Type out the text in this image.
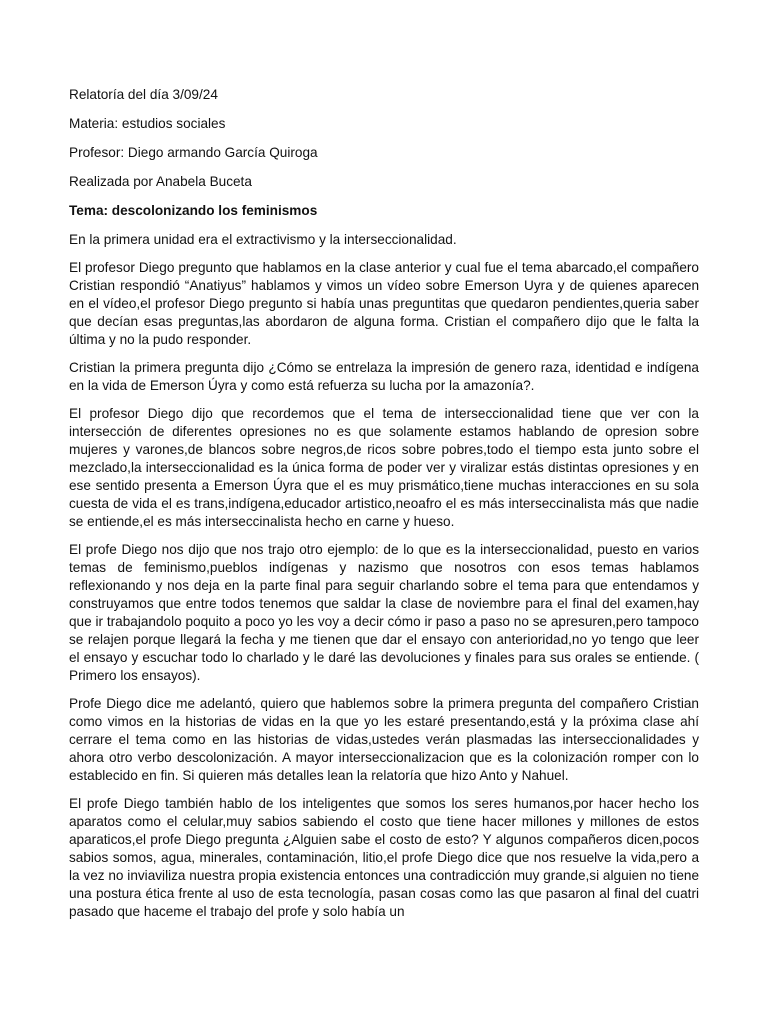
Relatoría del día 3/09/24
Materia: estudios sociales
Profesor: Diego armando García Quiroga
Realizada por Anabela Buceta
Tema: descolonizando los feminismos

En la primera unidad era el extractivismo y la interseccionalidad.

El profesor Diego pregunto que hablamos en la clase anterior y cual fue el tema abarcado,el compañero Cristian respondió “Anatiyus” hablamos y vimos un vídeo sobre Emerson Uyra y de quienes aparecen en el vídeo,el profesor Diego pregunto si había unas preguntitas que quedaron pendientes,queria saber que decían esas preguntas,las abordaron de alguna forma. Cristian el compañero dijo que le falta la última y no la pudo responder.

Cristian la primera pregunta dijo ¿Cómo se entrelaza la impresión de genero raza, identidad e indígena en la vida de Emerson Úyra y como está refuerza su lucha por la amazonía?.

El profesor Diego dijo que recordemos que el tema de interseccionalidad tiene que ver con la intersección de diferentes opresiones no es que solamente estamos hablando de opresion sobre mujeres y varones,de blancos sobre negros,de ricos sobre pobres,todo el tiempo esta junto sobre el mezclado,la interseccionalidad es la única forma de poder ver y viralizar estás distintas opresiones y en ese sentido presenta a Emerson Úyra que el es muy prismático,tiene muchas interacciones en su sola cuesta de vida el es trans,indígena,educador artistico,neoafro el es más interseccinalista más que nadie se entiende,el es más interseccinalista hecho en carne y hueso.

El profe Diego nos dijo que nos trajo otro ejemplo: de lo que es la interseccionalidad, puesto en varios temas de feminismo,pueblos indígenas y nazismo que nosotros con esos temas hablamos reflexionando y nos deja en la parte final para seguir charlando sobre el tema para que entendamos y construyamos que entre todos tenemos que saldar la clase de noviembre para el final del examen,hay que ir trabajandolo poquito a poco yo les voy a decir cómo ir paso a paso no se apresuren,pero tampoco se relajen porque llegará la fecha y me tienen que dar el ensayo con anterioridad,no yo tengo que leer el ensayo y escuchar todo lo charlado y le daré las devoluciones y finales para sus orales se entiende. ( Primero los ensayos).

Profe Diego dice me adelantó, quiero que hablemos sobre la primera pregunta del compañero Cristian como vimos en la historias de vidas en la que yo les estaré presentando,está y la próxima clase ahí cerrare el tema como en las historias de vidas,ustedes verán plasmadas las interseccionalidades y ahora otro verbo descolonización. A mayor interseccionalizacion que es la colonización romper con lo establecido en fin. Si quieren más detalles lean la relatoría que hizo Anto y Nahuel.

El profe Diego también hablo de los inteligentes que somos los seres humanos,por hacer hecho los aparatos como el celular,muy sabios sabiendo el costo que tiene hacer millones y millones de estos aparaticos,el profe Diego pregunta ¿Alguien sabe el costo de esto? Y algunos compañeros dicen,pocos sabios somos, agua, minerales, contaminación, litio,el profe Diego dice que nos resuelve la vida,pero a la vez no inviaviliza nuestra propia existencia entonces una contradicción muy grande,si alguien no tiene una postura ética frente al uso de esta tecnología, pasan cosas como las que pasaron al final del cuatri pasado que haceme el trabajo del profe y solo había un
